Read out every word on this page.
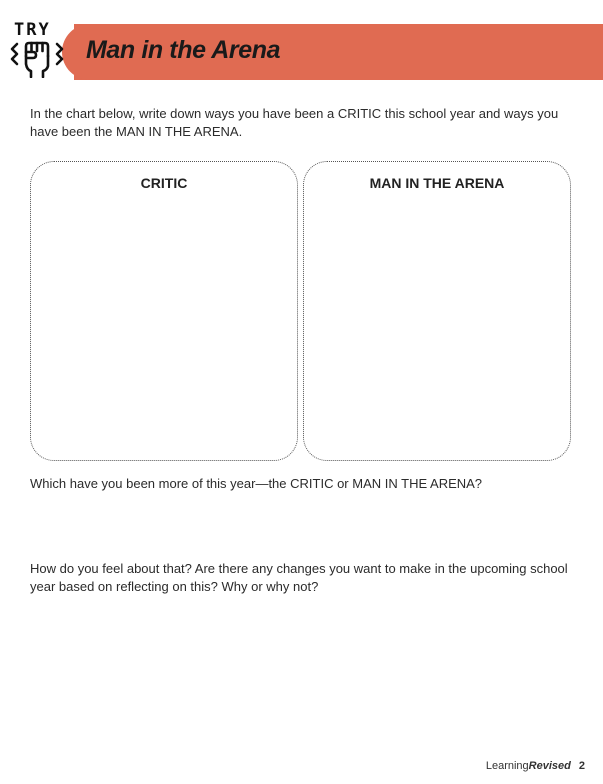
TRY
Man in the Arena

In the chart below, write down ways you have been a CRITIC this school year and ways you have been the MAN IN THE ARENA.

CRITIC	MAN IN THE ARENA

Which have you been more of this year—the CRITIC or MAN IN THE ARENA?

How do you feel about that? Are there any changes you want to make in the upcoming school year based on reflecting on this? Why or why not?

LearningRevised 2
